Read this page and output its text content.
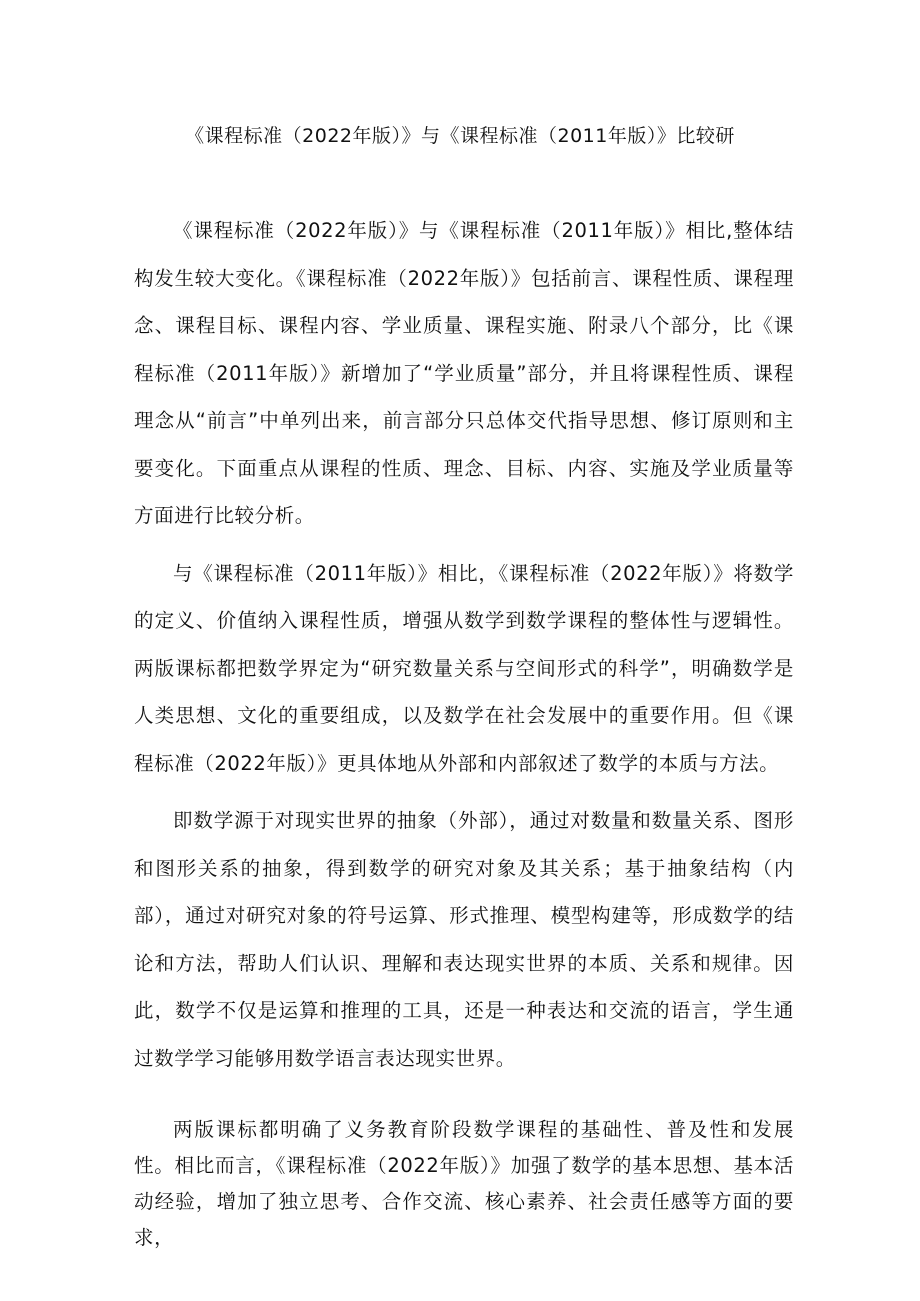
《课程标准（2022年版）》与《课程标准（2011年版）》比较研

《课程标准（2022年版）》与《课程标准（2011年版）》相比,整体结构发生较大变化。《课程标准（2022年版）》包括前言、课程性质、课程理念、课程目标、课程内容、学业质量、课程实施、附录八个部分，比《课程标准（2011年版）》新增加了“学业质量”部分，并且将课程性质、课程理念从“前言”中单列出来，前言部分只总体交代指导思想、修订原则和主要变化。下面重点从课程的性质、理念、目标、内容、实施及学业质量等方面进行比较分析。

与《课程标准（2011年版）》相比，《课程标准（2022年版）》将数学的定义、价值纳入课程性质，增强从数学到数学课程的整体性与逻辑性。两版课标都把数学界定为“研究数量关系与空间形式的科学”，明确数学是人类思想、文化的重要组成，以及数学在社会发展中的重要作用。但《课程标准（2022年版）》更具体地从外部和内部叙述了数学的本质与方法。

即数学源于对现实世界的抽象（外部），通过对数量和数量关系、图形和图形关系的抽象，得到数学的研究对象及其关系；基于抽象结构（内部），通过对研究对象的符号运算、形式推理、模型构建等，形成数学的结论和方法，帮助人们认识、理解和表达现实世界的本质、关系和规律。因此，数学不仅是运算和推理的工具，还是一种表达和交流的语言，学生通过数学学习能够用数学语言表达现实世界。

两版课标都明确了义务教育阶段数学课程的基础性、普及性和发展性。相比而言，《课程标准（2022年版）》加强了数学的基本思想、基本活动经验，增加了独立思考、合作交流、核心素养、社会责任感等方面的要求，
